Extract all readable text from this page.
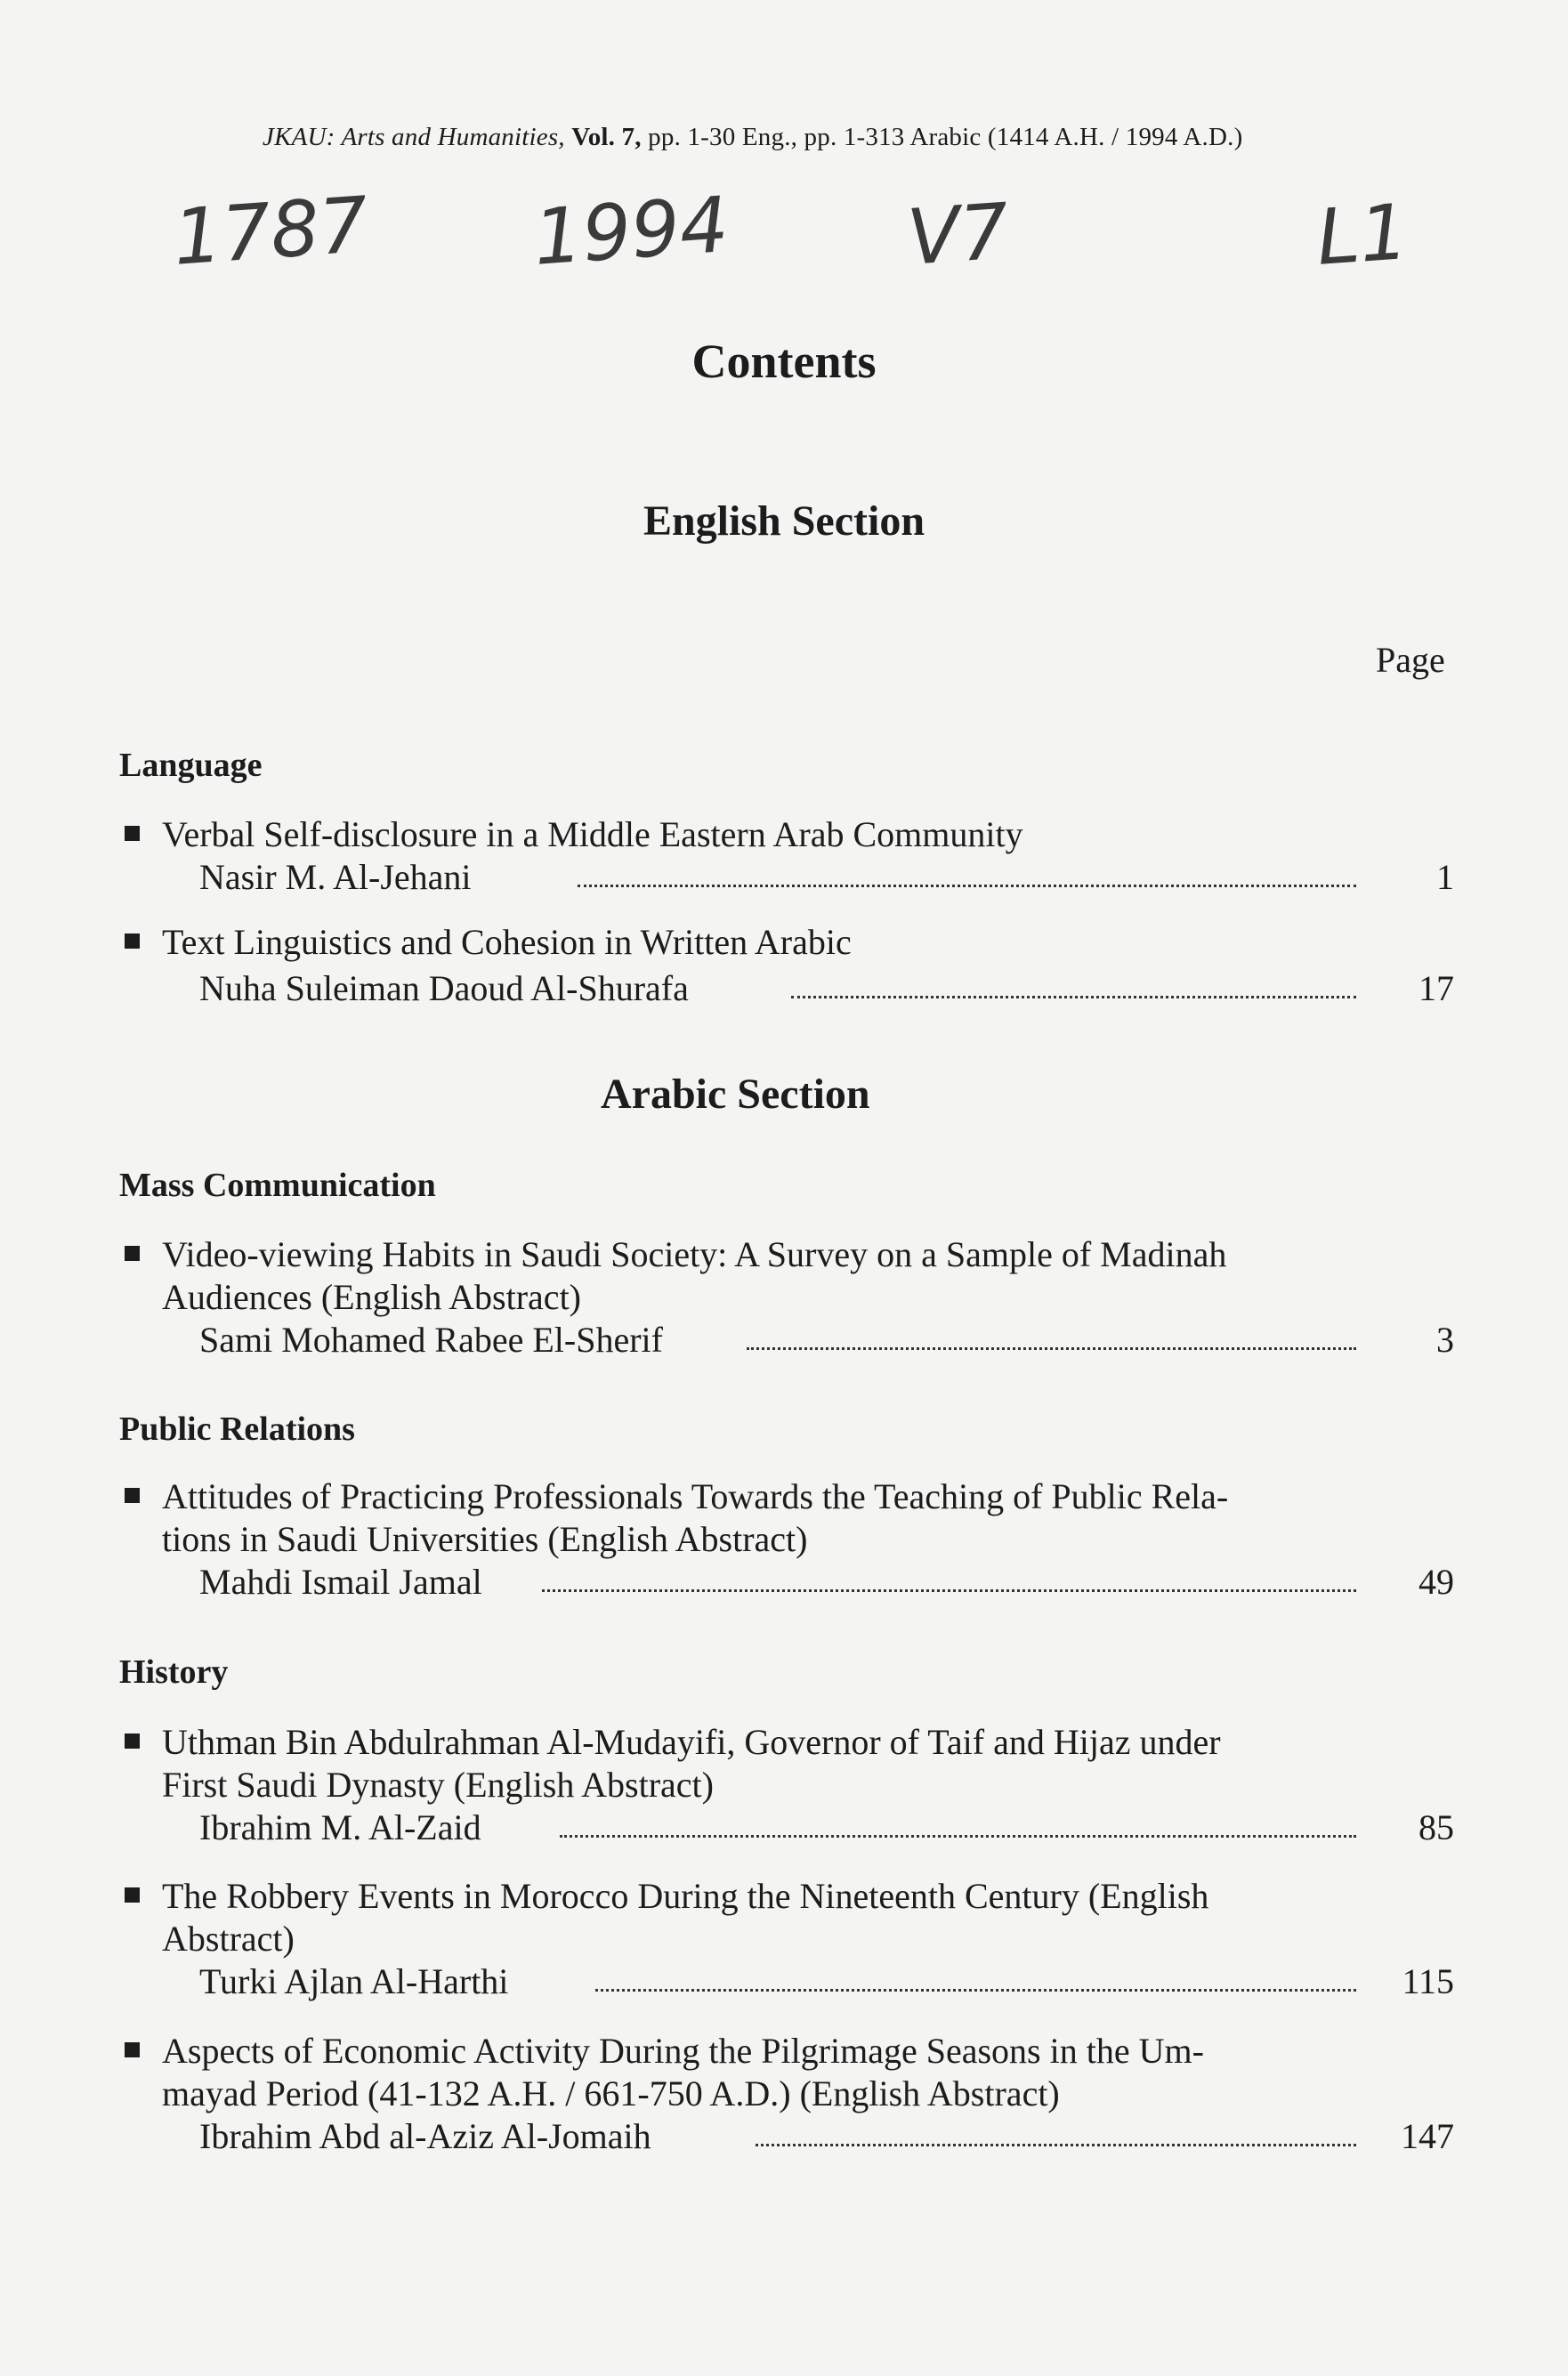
JKAU: Arts and Humanities, Vol. 7, pp. 1-30 Eng., pp. 1-313 Arabic (1414 A.H. / 1994 A.D.)
1787 1994 V7	L1
Contents
English Section
Page
Language
Verbal Self-disclosure in a Middle Eastern Arab Community
Nasir M. Al-Jehani	1
Text Linguistics and Cohesion in Written Arabic
Nuha Suleiman Daoud Al-Shurafa	17
Arabic Section
Mass Communication
Video-viewing Habits in Saudi Society: A Survey on a Sample of Madinah
Audiences (English Abstract)
Sami Mohamed Rabee El-Sherif	3
Public Relations
Attitudes of Practicing Professionals Towards the Teaching of Public Rela-
tions in Saudi Universities (English Abstract)
Mahdi Ismail Jamal	49
History
Uthman Bin Abdulrahman Al-Mudayifi, Governor of Taif and Hijaz under
First Saudi Dynasty (English Abstract)
Ibrahim M. Al-Zaid	85
The Robbery Events in Morocco During the Nineteenth Century (English
Abstract)
Turki Ajlan Al-Harthi	115
Aspects of Economic Activity During the Pilgrimage Seasons in the Um-
mayad Period (41-132 A.H. / 661-750 A.D.) (English Abstract)
Ibrahim Abd al-Aziz Al-Jomaih	147
